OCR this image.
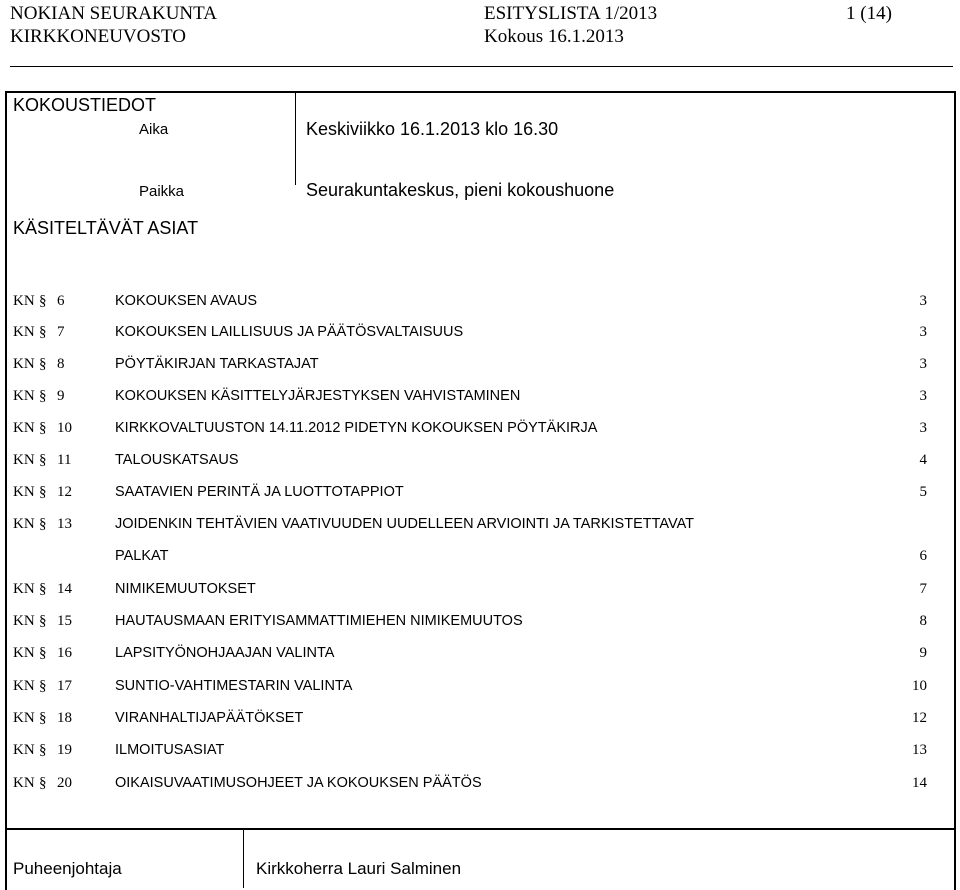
NOKIAN SEURAKUNTA
KIRKKONEUVOSTO
ESITYSLISTA 1/2013
Kokous 16.1.2013
1 (14)
KOKOUSTIEDOT
Aika	Keskiviikko 16.1.2013 klo 16.30
Paikka	Seurakuntakeskus, pieni kokoushuone
KÄSITELTÄVÄT ASIAT
KN § 6	KOKOUKSEN AVAUS	3
KN § 7	KOKOUKSEN LAILLISUUS JA PÄÄTÖSVALTAISUUS	3
KN § 8	PÖYTÄKIRJAN TARKASTAJAT	3
KN § 9	KOKOUKSEN KÄSITTELYJÄRJESTYKSEN VAHVISTAMINEN	3
KN § 10	KIRKKOVALTUUSTON 14.11.2012 PIDETYN KOKOUKSEN PÖYTÄKIRJA	3
KN § 11	TALOUSKATSAUS	4
KN § 12	SAATAVIEN PERINTÄ JA LUOTTOTAPPIOT	5
KN § 13	JOIDENKIN TEHTÄVIEN VAATIVUUDEN UUDELLEEN ARVIOINTI JA TARKISTETTAVAT
PALKAT	6
KN § 14	NIMIKEMUUTOKSET	7
KN § 15	HAUTAUSMAAN ERITYISAMMATTIMIEHEN NIMIKEMUUTOS	8
KN § 16	LAPSITYÖNOHJAAJAN VALINTA	9
KN § 17	SUNTIO-VAHTIMESTARIN VALINTA	10
KN § 18	VIRANHALTIJAPÄÄTÖKSET	12
KN § 19	ILMOITUSASIAT	13
KN § 20	OIKAISUVAATIMUSOHJEET JA KOKOUKSEN PÄÄTÖS	14
Puheenjohtaja	Kirkkoherra Lauri Salminen
